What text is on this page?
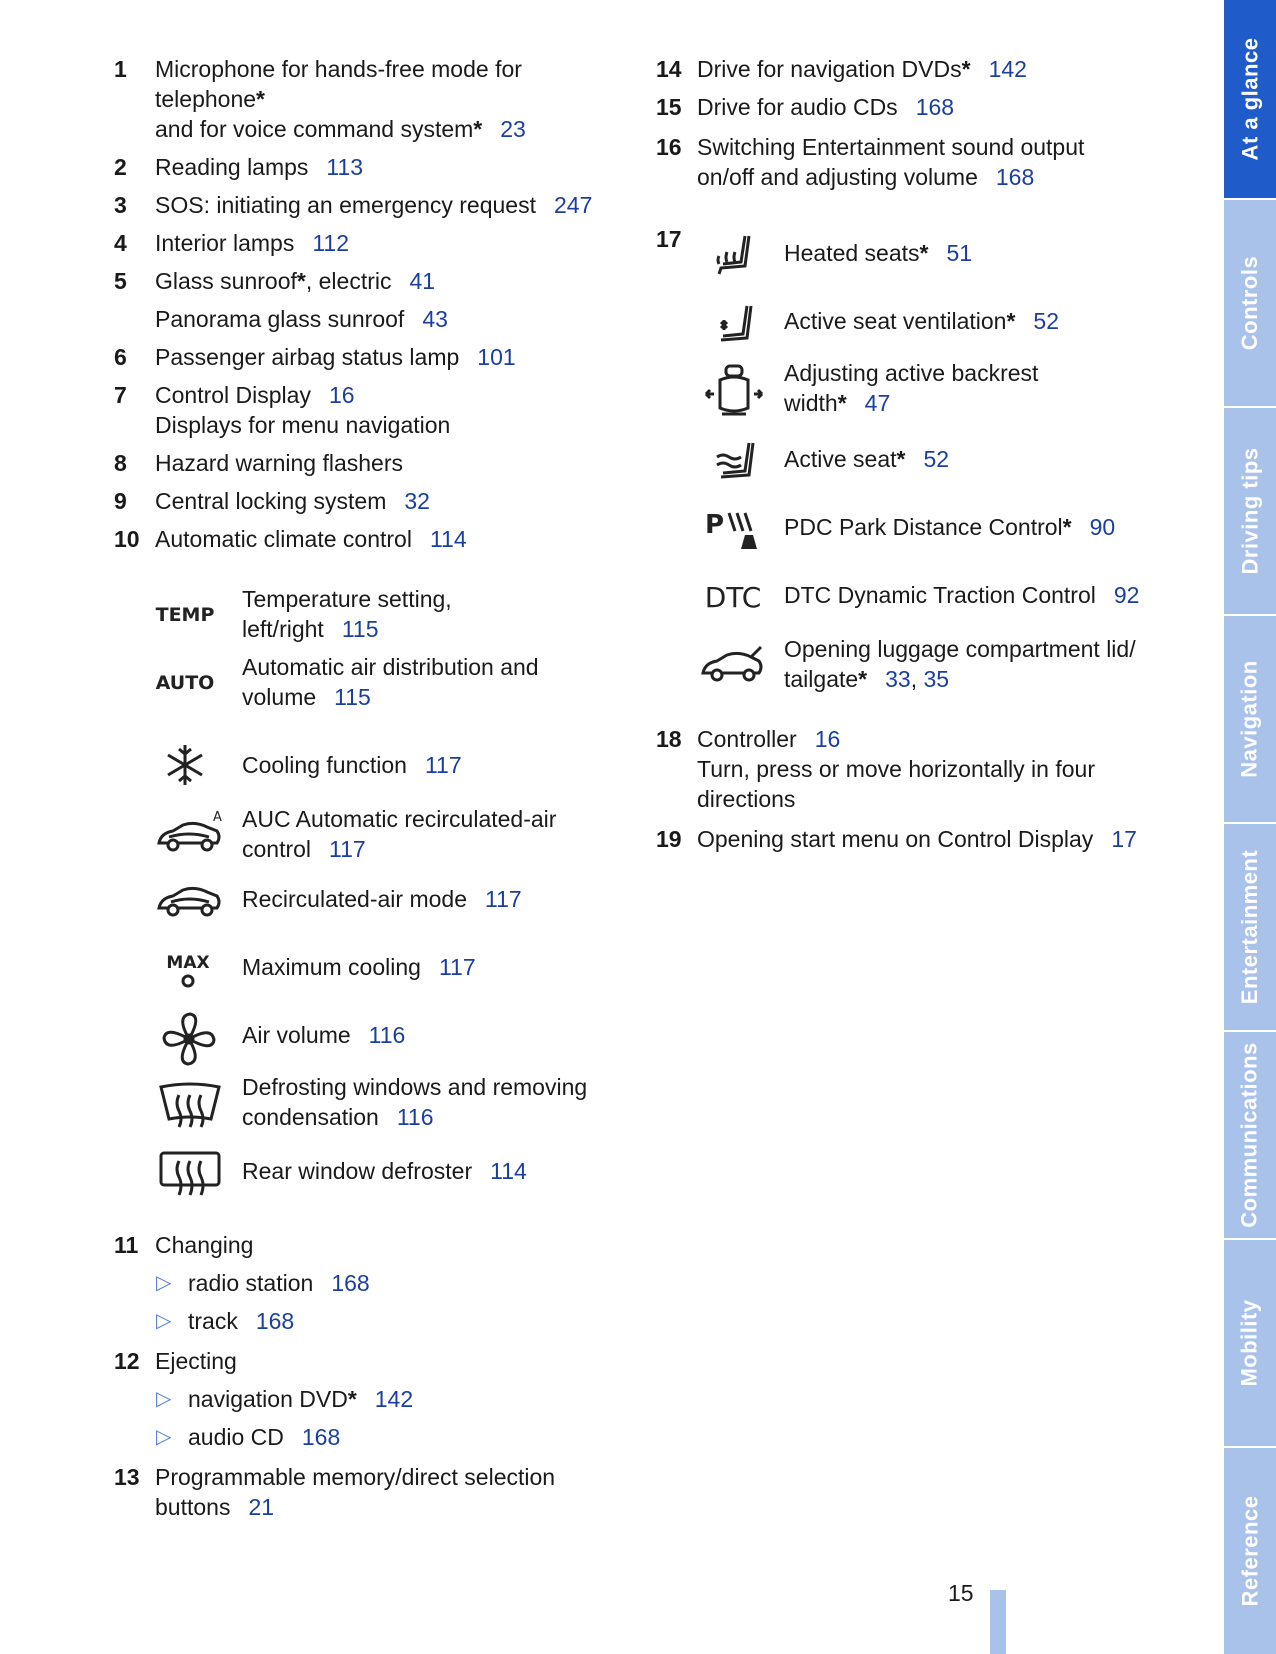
1 Microphone for hands-free mode for
telephone*
and for voice command system* 23
2 Reading lamps 113
3 SOS: initiating an emergency request 247
4 Interior lamps 112
5 Glass sunroof*, electric 41
Panorama glass sunroof 43
6 Passenger airbag status lamp 101
7 Control Display 16
Displays for menu navigation
8 Hazard warning flashers
9 Central locking system 32
10 Automatic climate control 114
TEMP
Temperature setting,
left/right 115
AUTO
Automatic air distribution and
volume 115
Cooling function 117
A AUC Automatic recirculated-air
control 117
Recirculated-air mode 117
MAX Maximum cooling 117
Air volume 116
Defrosting windows and removing
condensation 116
Rear window defroster 114
11 Changing
▷ radio station 168
▷ track 168
12 Ejecting
▷ navigation DVD* 142
▷ audio CD 168
13 Programmable memory/direct selection
buttons 21
14 Drive for navigation DVDs* 142
15 Drive for audio CDs 168
16 Switching Entertainment sound output
on/off and adjusting volume 168
17
Heated seats* 51
Active seat ventilation* 52
Adjusting active backrest
width* 47
Active seat* 52
P	PDC Park Distance Control* 90
DTC DTC Dynamic Traction Control 92
Opening luggage compartment lid/
tailgate* 33, 35
18 Controller 16
Turn, press or move horizontally in four
directions
19 Opening start menu on Control Display 17
15
At a glance
Controls
Driving tips
Navigation
Entertainment
Communications
Mobility
Reference
